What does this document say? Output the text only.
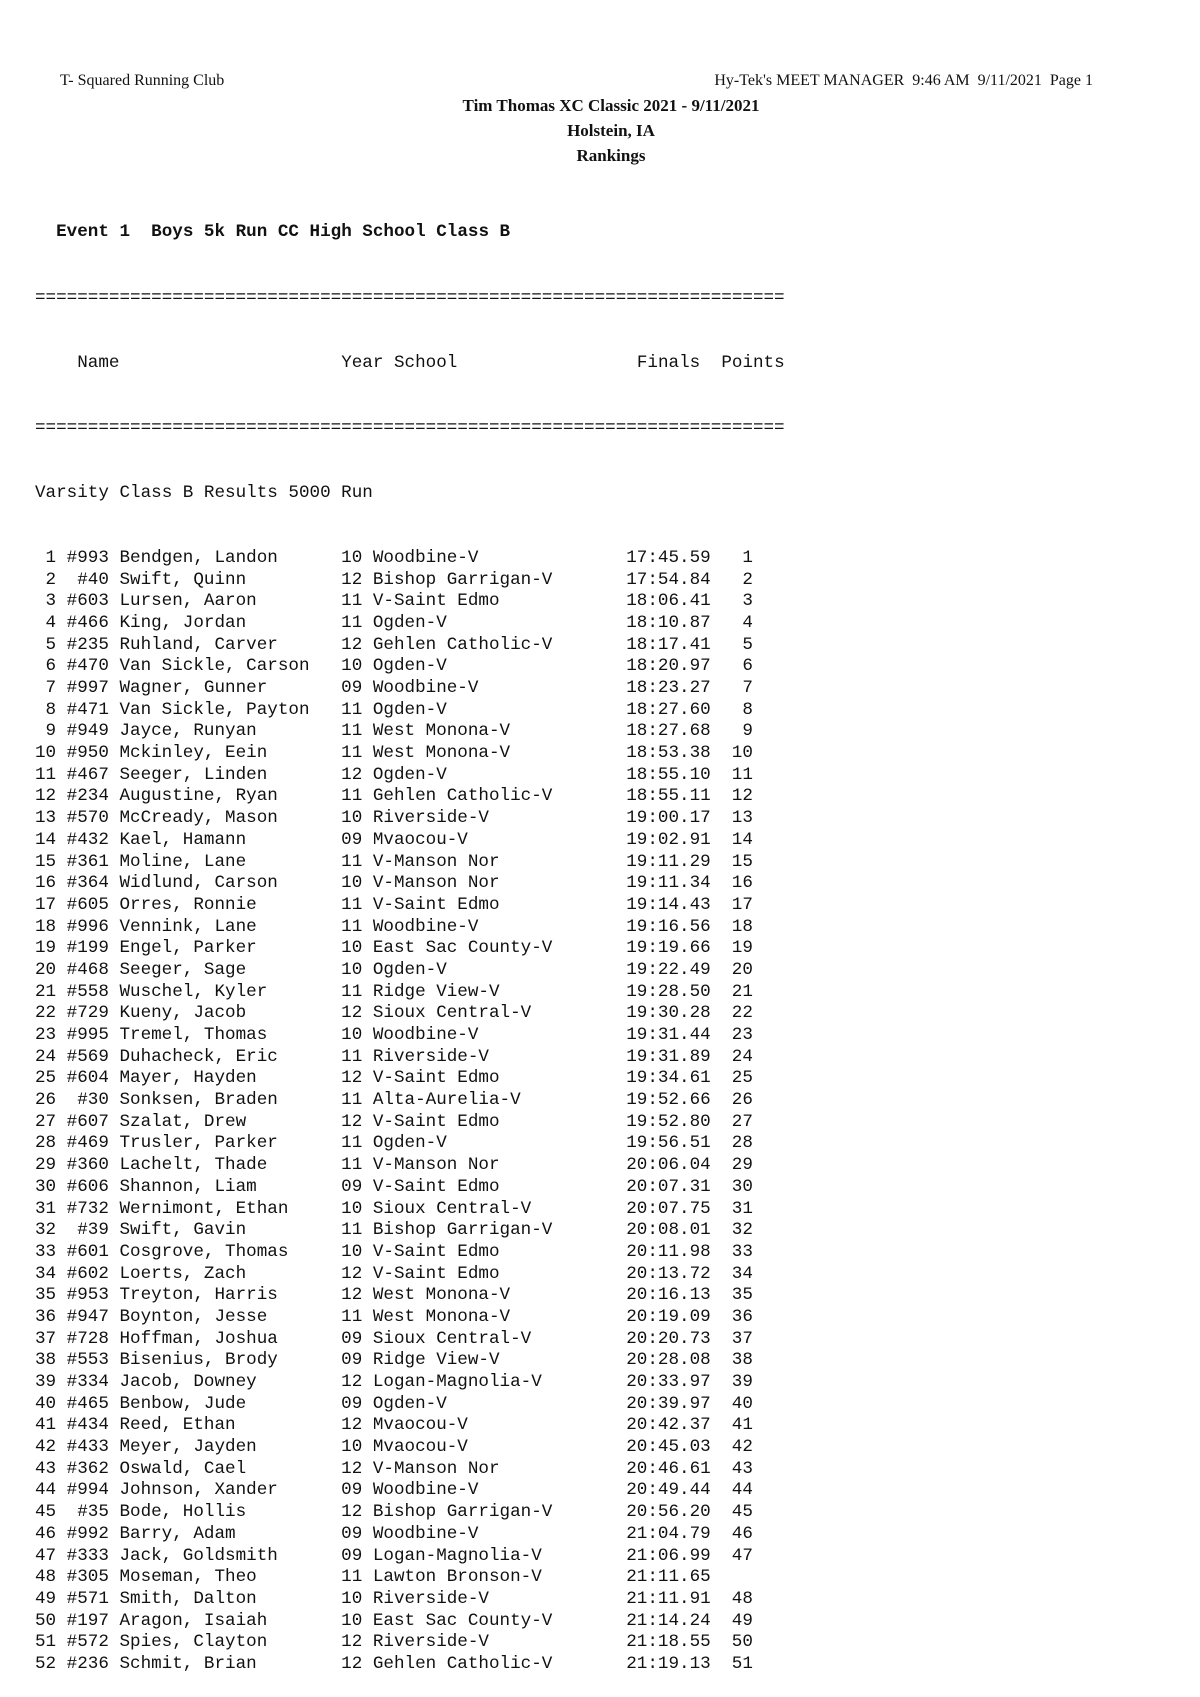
T- Squared Running Club	Hy-Tek's MEET MANAGER  9:46 AM  9/11/2021  Page 1
Tim Thomas XC Classic 2021 - 9/11/2021
Holstein, IA
Rankings

Event 1  Boys 5k Run CC High School Class B

=======================================================================

Name	Year School	Finals Points

=======================================================================

Varsity Class B Results 5000 Run

1 #993 Bendgen, Landon	10 Woodbine-V	17:45.59 1
2 #40 Swift, Quinn	12 Bishop Garrigan-V	17:54.84 2
3 #603 Lursen, Aaron	11 V-Saint Edmo	18:06.41 3
4 #466 King, Jordan	11 Ogden-V	18:10.87 4
5 #235 Ruhland, Carver	12 Gehlen Catholic-V	18:17.41 5
6 #470 Van Sickle, Carson 10 Ogden-V	18:20.97 6
7 #997 Wagner, Gunner	09 Woodbine-V	18:23.27 7
8 #471 Van Sickle, Payton 11 Ogden-V	18:27.60 8
9 #949 Jayce, Runyan	11 West Monona-V	18:27.68 9
10 #950 Mckinley, Eein	11 West Monona-V	18:53.38 10
11 #467 Seeger, Linden	12 Ogden-V	18:55.10 11
12 #234 Augustine, Ryan	11 Gehlen Catholic-V	18:55.11 12
13 #570 McCready, Mason	10 Riverside-V	19:00.17 13
14 #432 Kael, Hamann	09 Mvaocou-V	19:02.91 14
15 #361 Moline, Lane	11 V-Manson Nor	19:11.29 15
16 #364 Widlund, Carson	10 V-Manson Nor	19:11.34 16
17 #605 Orres, Ronnie	11 V-Saint Edmo	19:14.43 17
18 #996 Vennink, Lane	11 Woodbine-V	19:16.56 18
19 #199 Engel, Parker	10 East Sac County-V	19:19.66 19
20 #468 Seeger, Sage	10 Ogden-V	19:22.49 20
21 #558 Wuschel, Kyler	11 Ridge View-V	19:28.50 21
22 #729 Kueny, Jacob	12 Sioux Central-V	19:30.28 22
23 #995 Tremel, Thomas	10 Woodbine-V	19:31.44 23
24 #569 Duhacheck, Eric	11 Riverside-V	19:31.89 24
25 #604 Mayer, Hayden	12 V-Saint Edmo	19:34.61 25
26 #30 Sonksen, Braden	11 Alta-Aurelia-V	19:52.66 26
27 #607 Szalat, Drew	12 V-Saint Edmo	19:52.80 27
28 #469 Trusler, Parker	11 Ogden-V	19:56.51 28
29 #360 Lachelt, Thade	11 V-Manson Nor	20:06.04 29
30 #606 Shannon, Liam	09 V-Saint Edmo	20:07.31 30
31 #732 Wernimont, Ethan	10 Sioux Central-V	20:07.75 31
32 #39 Swift, Gavin	11 Bishop Garrigan-V	20:08.01 32
33 #601 Cosgrove, Thomas	10 V-Saint Edmo	20:11.98 33
34 #602 Loerts, Zach	12 V-Saint Edmo	20:13.72 34
35 #953 Treyton, Harris	12 West Monona-V	20:16.13 35
36 #947 Boynton, Jesse	11 West Monona-V	20:19.09 36
37 #728 Hoffman, Joshua	09 Sioux Central-V	20:20.73 37
38 #553 Bisenius, Brody	09 Ridge View-V	20:28.08 38
39 #334 Jacob, Downey	12 Logan-Magnolia-V	20:33.97 39
40 #465 Benbow, Jude	09 Ogden-V	20:39.97 40
41 #434 Reed, Ethan	12 Mvaocou-V	20:42.37 41
42 #433 Meyer, Jayden	10 Mvaocou-V	20:45.03 42
43 #362 Oswald, Cael	12 V-Manson Nor	20:46.61 43
44 #994 Johnson, Xander	09 Woodbine-V	20:49.44 44
45 #35 Bode, Hollis	12 Bishop Garrigan-V	20:56.20 45
46 #992 Barry, Adam	09 Woodbine-V	21:04.79 46
47 #333 Jack, Goldsmith	09 Logan-Magnolia-V	21:06.99 47
48 #305 Moseman, Theo	11 Lawton Bronson-V	21:11.65
49 #571 Smith, Dalton	10 Riverside-V	21:11.91 48
50 #197 Aragon, Isaiah	10 East Sac County-V	21:14.24 49
51 #572 Spies, Clayton	12 Riverside-V	21:18.55 50
52 #236 Schmit, Brian	12 Gehlen Catholic-V	21:19.13 51
